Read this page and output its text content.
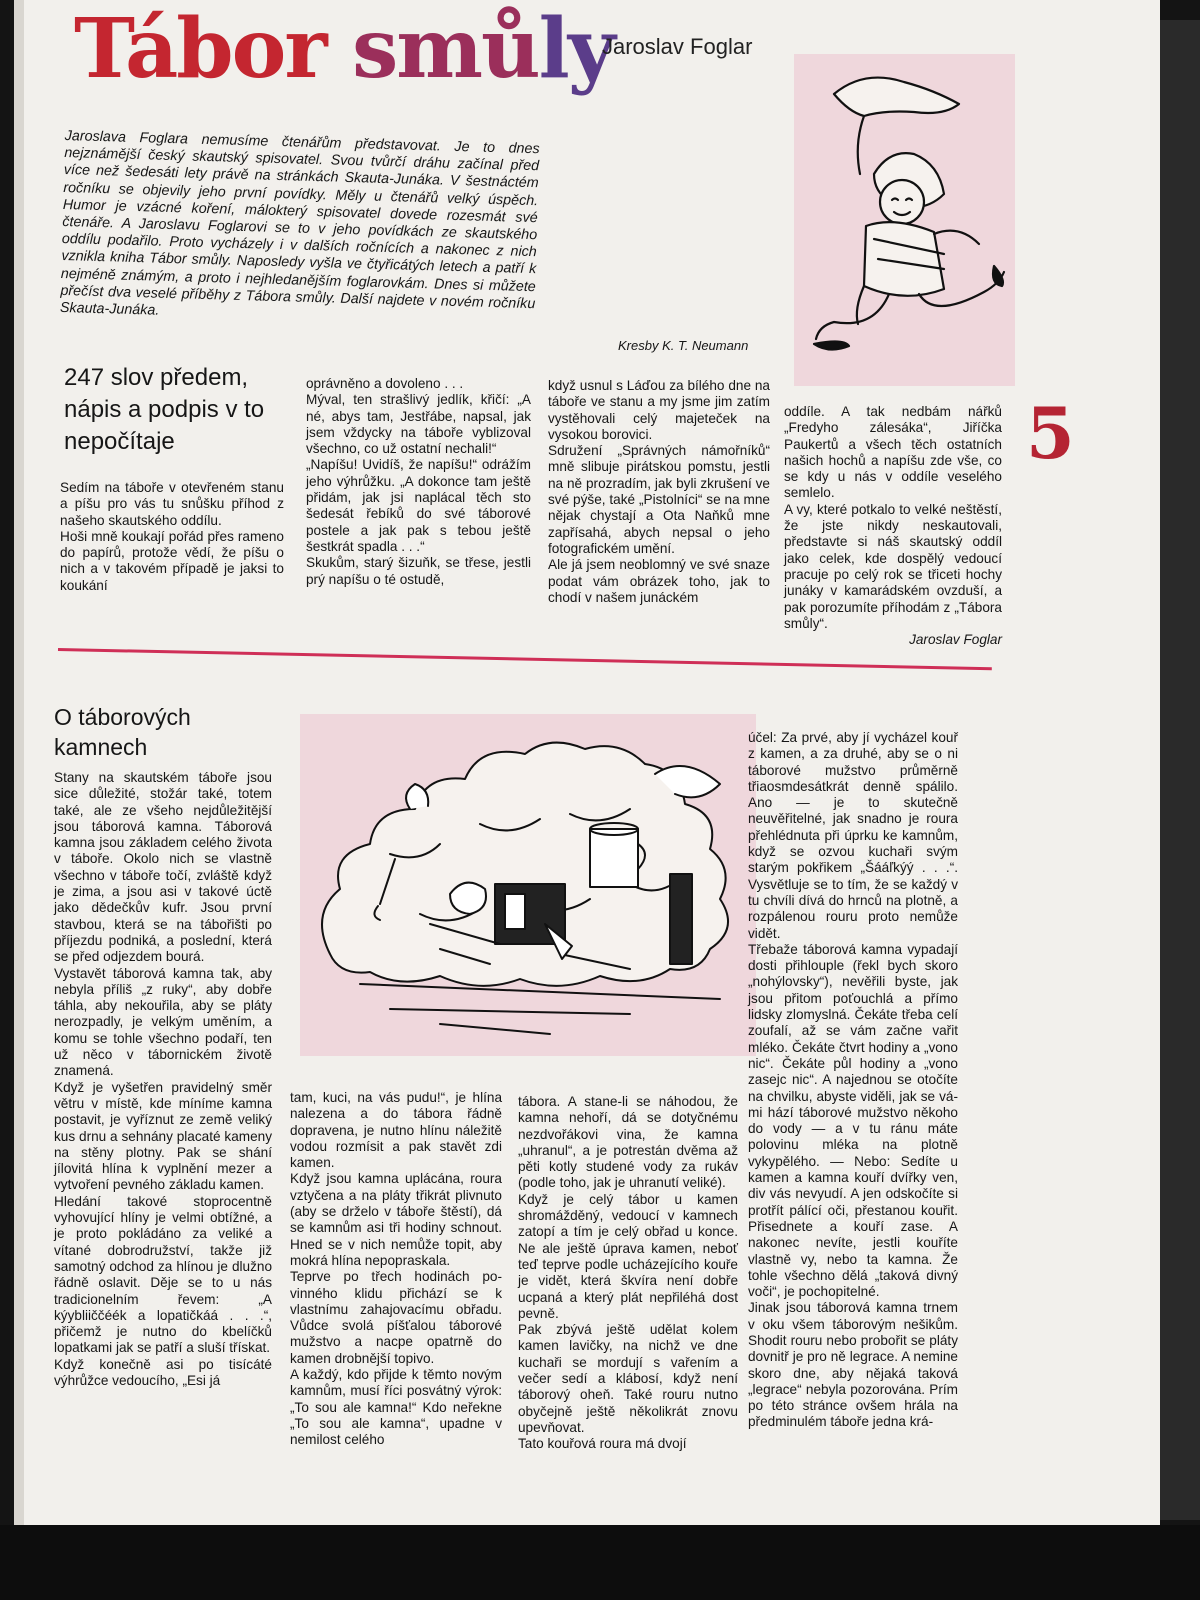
Tábor smůly
Jaroslav Foglar
Jaroslava Foglara nemusíme čtenářům představovat. Je to dnes nejznámější český skautský spisovatel. Svou tvůrčí dráhu začínal před více než šedesáti lety právě na stránkách Skauta-Junáka. V šestnáctém ročníku se objevily jeho první povídky. Měly u čtenářů velký úspěch. Humor je vzácné koření, málokterý spisovatel dovede rozesmát své čtenáře. A Jaroslavu Foglarovi se to v jeho povídkách ze skautského oddílu podařilo. Proto vycházely i v dalších ročnících a nakonec z nich vznikla kniha Tábor smůly. Naposledy vyšla ve čtyřicátých letech a patří k nejméně známým, a proto i nejhledanějším foglarovkám. Dnes si můžete přečíst dva veselé příběhy z Tábora smůly. Další najdete v novém ročníku Skauta-Junáka.
Kresby K. T. Neumann
5
247 slov předem, nápis a podpis v to nepočítaje

Sedím na táboře v otevřeném stanu a píšu pro vás tu snůšku příhod z našeho skautského oddílu.

Hoši mně koukají pořád přes rameno do papírů, protože vědí, že píšu o nich a v takovém případě je jaksi to koukání

oprávněno a dovoleno . . .

Mýval, ten strašlivý jedlík, křičí: „A né, abys tam, Jestřábe, napsal, jak jsem vždycky na táboře vyblizoval všechno, co už ostatní nechali!“

„Napíšu! Uvidíš, že napíšu!“ odrážím jeho výhrůžku. „A dokonce tam ještě přidám, jak jsi naplácal těch sto šedesát řebíků do své táborové postele a jak pak s tebou ještě šestkrát spadla . . .“

Skukům, starý šizuňk, se třese, jestli prý napíšu o té ostudě,

když usnul s Láďou za bílého dne na táboře ve stanu a my jsme jim zatím vystěhovali celý majeteček na vysokou borovici.

Sdružení „Správných námořníků“ mně slibuje pirátskou pomstu, jestli na ně prozradím, jak byli zkrušení ve své pýše, také „Pistolníci“ se na mne nějak chystají a Ota Naňků mne zapřísahá, abych nepsal o jeho fotografickém umění.

Ale já jsem neoblomný ve své snaze podat vám obrázek toho, jak to chodí v našem junáckém

oddíle. A tak nedbám nářků „Fredyho zálesáka“, Jiříčka Paukertů a všech těch ostatních našich hochů a napíšu zde vše, co se kdy u nás v oddíle veselého semlelo.

A vy, které potkalo to velké neštěstí, že jste nikdy neskautovali, představte si náš skautský oddíl jako celek, kde dospělý vedoucí pracuje po celý rok se třiceti hochy junáky v kamarádském ovzduší, a pak porozumíte příhodám z „Tábora smůly“.

Jaroslav Foglar

O táborových kamnech

Stany na skautském táboře jsou sice důležité, stožár také, totem také, ale ze všeho nejdůležitější jsou táborová kamna. Táborová kamna jsou základem celého života v táboře. Okolo nich se vlastně všechno v táboře točí, zvláště když je zima, a jsou asi v takové úctě jako dědečkův kufr. Jsou první stavbou, která se na tábořišti po příjezdu podniká, a poslední, která se před odjezdem bourá.

Vystavět táborová kamna tak, aby nebyla příliš „z ruky“, aby dobře táhla, aby nekouřila, aby se pláty nerozpadly, je velkým uměním, a komu se tohle všechno podaří, ten už něco v tábornickém životě znamená.

Když je vyšetřen pravidelný směr větru v místě, kde míníme kamna postavit, je vyříznut ze země veliký kus drnu a sehnány placaté kameny na stěny plotny. Pak se shání jílovitá hlína k vyplnění mezer a vytvoření pevného základu kamen.

Hledání takové stoprocentně vyhovující hlíny je velmi obtížné, a je proto pokládáno za veliké a vítané dobrodružství, takže již samotný odchod za hlínou je dlužno řádně oslavit. Děje se to u nás tradicionelním řevem: „A kýybliiččéék a lopatičkáá . . .“, přičemž je nutno do kbelíčků lopatkami jak se patří a sluší třískat.

Když konečně asi po tisícáté výhrůžce vedoucího, „Esi já

tam, kuci, na vás pudu!“, je hlína nalezena a do tábora řádně dopravena, je nutno hlínu náležitě vodou rozmísit a pak stavět zdi kamen.

Když jsou kamna uplácána, roura vztyčena a na pláty třikrát plivnuto (aby se drželo v táboře štěstí), dá se kamnům asi tři hodiny schnout. Hned se v nich nemůže topit, aby mokrá hlína nepopraskala.

Teprve po třech hodinách povinného klidu přichází se k vlastnímu zahajovacímu obřadu. Vůdce svolá píšťalou táborové mužstvo a nacpe opatrně do kamen drobnější topivo.

A každý, kdo přijde k těmto novým kamnům, musí říci posvátný výrok: „To sou ale kamna!“ Kdo neřekne „To sou ale kamna“, upadne v nemilost celého

tábora. A stane-li se náhodou, že kamna nehoří, dá se dotyčnému nezdvořákovi vina, že kamna „uhranul“, a je potrestán dvěma až pěti kotly studené vody za rukáv (podle toho, jak je uhranutí veliké).

Když je celý tábor u kamen shromážděný, vedoucí v kamnech zatopí a tím je celý obřad u konce. Ne ale ještě úprava kamen, neboť teď teprve podle ucházejícího kouře je vidět, která škvíra není dobře ucpaná a který plát nepřiléhá dost pevně.

Pak zbývá ještě udělat kolem kamen lavičky, na nichž ve dne kuchaři se mordují s vařením a večer sedí a klábosí, když není táborový oheň. Také rouru nutno obyčejně ještě několikrát znovu upevňovat.

Tato kouřová roura má dvojí

účel: Za prvé, aby jí vycházel kouř z kamen, a za druhé, aby se o ni táborové mužstvo průměrně třiaosmdesátkrát denně spálilo. Ano — je to skutečně neuvěřitelné, jak snadno je roura přehlédnuta při úprku ke kamnům, když se ozvou kuchaři svým starým pokřikem „Šááľkýý . . .“. Vysvětluje se to tím, že se každý v tu chvíli dívá do hrnců na plotně, a rozpálenou rouru proto nemůže vidět.

Třebaže táborová kamna vypadají dosti přihlouple (řekl bych skoro „nohýlovsky“), nevěřili byste, jak jsou přitom poťouchlá a přímo lidsky zlomyslná. Čekáte třeba celí zoufalí, až se vám začne vařit mléko. Čekáte čtvrt hodiny a „vono nic“. Čekáte půl hodiny a „vono zasejc nic“. A najednou se otočíte na chvilku, abyste viděli, jak se vámi hází táborové mužstvo někoho do vody — a v tu ránu máte polovinu mléka na plotně vykypělého. — Nebo: Sedíte u kamen a kamna kouří dvířky ven, div vás nevyudí. A jen odskočíte si protřít pálící oči, přestanou kouřit. Přisednete a kouří zase. A nakonec nevíte, jestli kouříte vlastně vy, nebo ta kamna. Že tohle všechno dělá „taková divný voči“, je pochopitelné.

Jinak jsou táborová kamna trnem v oku všem táborovým nešikům. Shodit rouru nebo probořit se pláty dovnitř je pro ně legrace. A nemine skoro dne, aby nějaká taková „legrace“ nebyla pozorována. Prím po této stránce ovšem hrála na předminulém táboře jedna krá-
